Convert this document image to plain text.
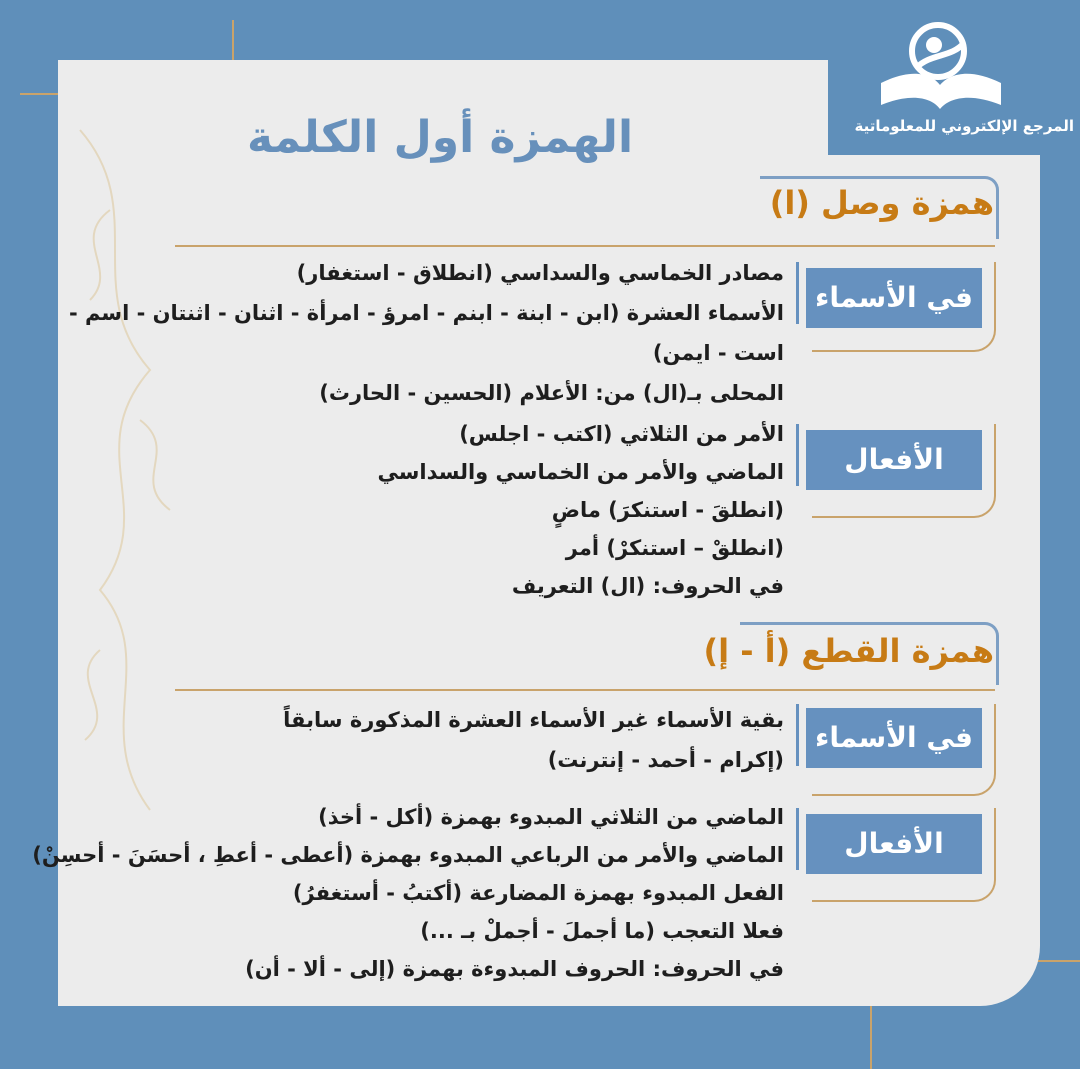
المرجع الإلكتروني للمعلوماتية
الهمزة أول الكلمة
همزة وصل (ا)
في الأسماء
مصادر الخماسي والسداسي (انطلاق - استغفار)
الأسماء العشرة (ابن - ابنة - ابنم - امرؤ - امرأة - اثنان - اثنتان - اسم -
است - ايمن)
المحلى بـ(ال) من: الأعلام (الحسين - الحارث)
الأفعال
الأمر من الثلاثي (اكتب - اجلس)
الماضي والأمر من الخماسي والسداسي
(انطلقَ - استنكرَ) ماضٍ
(انطلقْ – استنكرْ) أمر
في الحروف: (ال) التعريف
همزة القطع (أ - إ)
في الأسماء
بقية الأسماء غير الأسماء العشرة المذكورة سابقاً
(إكرام - أحمد - إنترنت)
الأفعال
الماضي من الثلاثي المبدوء بهمزة (أكل - أخذ)
الماضي والأمر من الرباعي المبدوء بهمزة (أعطى - أعطِ ، أحسَنَ - أحسِنْ)
الفعل المبدوء بهمزة المضارعة (أكتبُ - أستغفرُ)
فعلا التعجب (ما أجملَ - أجملْ بـ ...)
في الحروف: الحروف المبدوءة بهمزة (إلى - ألا - أن)
